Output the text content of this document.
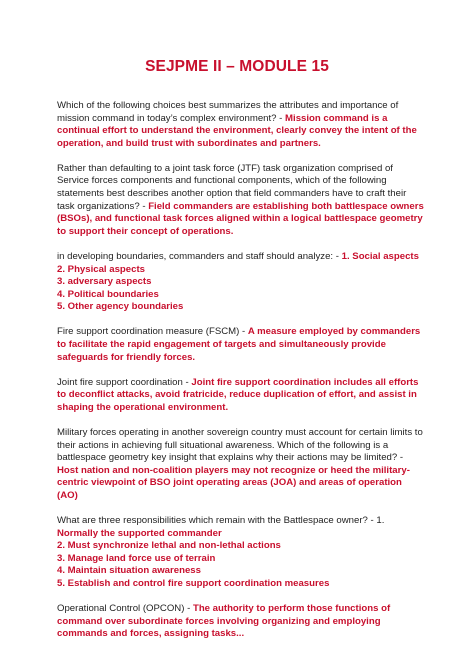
SEJPME II – MODULE 15

Which of the following choices best summarizes the attributes and importance of mission command in today’s complex environment? - Mission command is a continual effort to understand the environment, clearly convey the intent of the operation, and build trust with subordinates and partners.

Rather than defaulting to a joint task force (JTF) task organization comprised of Service forces components and functional components, which of the following statements best describes another option that field commanders have to craft their task organizations? - Field commanders are establishing both battlespace owners (BSOs), and functional task forces aligned within a logical battlespace geometry to support their concept of operations.

in developing boundaries, commanders and staff should analyze: - 1. Social aspects
2. Physical aspects
3. adversary aspects
4. Political boundaries
5. Other agency boundaries

Fire support coordination measure (FSCM) - A measure employed by commanders to facilitate the rapid engagement of targets and simultaneously provide safeguards for friendly forces.

Joint fire support coordination - Joint fire support coordination includes all efforts to deconflict attacks, avoid fratricide, reduce duplication of effort, and assist in shaping the operational environment.

Military forces operating in another sovereign country must account for certain limits to their actions in achieving full situational awareness. Which of the following is a battlespace geometry key insight that explains why their actions may be limited? - Host nation and non-coalition players may not recognize or heed the military-centric viewpoint of BSO joint operating areas (JOA) and areas of operation (AO)

What are three responsibilities which remain with the Battlespace owner? - 1. Normally the supported commander
2. Must synchronize lethal and non-lethal actions
3. Manage land force use of terrain
4. Maintain situation awareness
5. Establish and control fire support coordination measures

Operational Control (OPCON) - The authority to perform those functions of command over subordinate forces involving organizing and employing commands and forces, assigning tasks...
